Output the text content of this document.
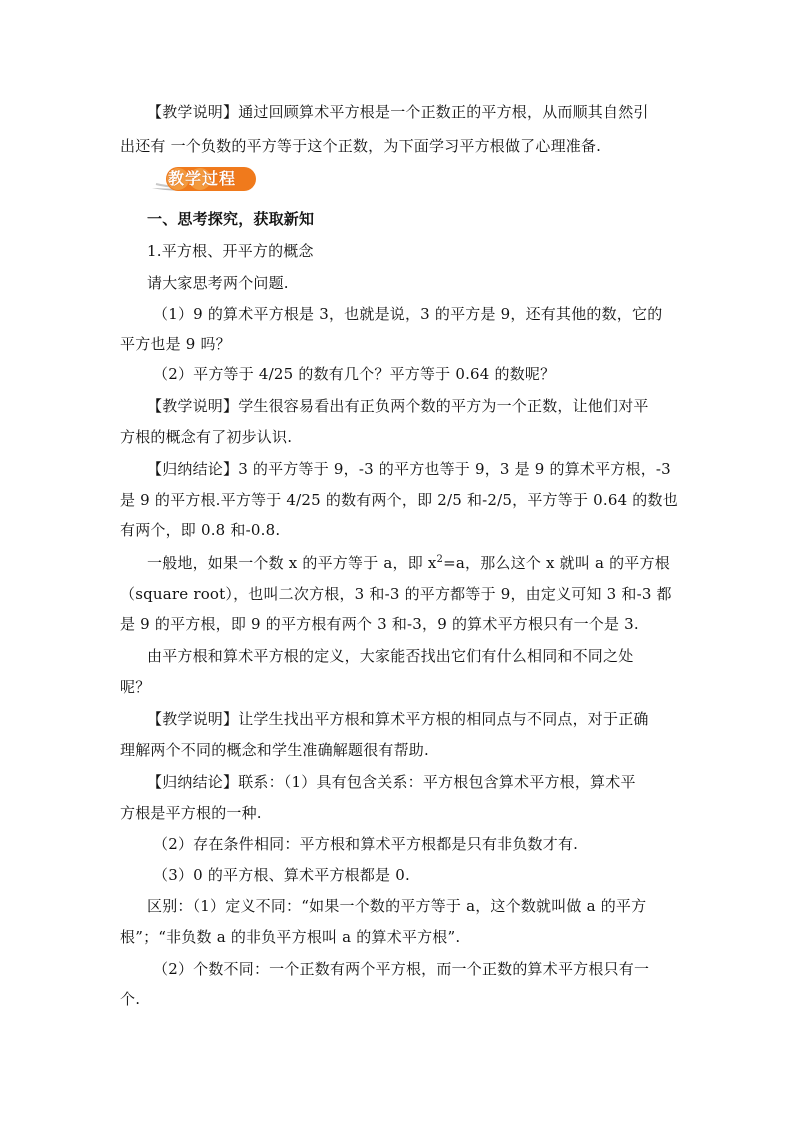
【教学说明】通过回顾算术平方根是一个正数正的平方根，从而顺其自然引
出还有 一个负数的平方等于这个正数，为下面学习平方根做了心理准备.
教学过程
一、思考探究，获取新知
1.平方根、开平方的概念
请大家思考两个问题.
（1）9 的算术平方根是 3，也就是说，3 的平方是 9，还有其他的数，它的
平方也是 9 吗？
（2）平方等于 4/25 的数有几个？平方等于 0.64 的数呢？
【教学说明】学生很容易看出有正负两个数的平方为一个正数，让他们对平
方根的概念有了初步认识.
【归纳结论】3 的平方等于 9，-3 的平方也等于 9，3 是 9 的算术平方根，-3
是 9 的平方根.平方等于 4/25 的数有两个，即 2/5 和-2/5，平方等于 0.64 的数也
有两个，即 0.8 和-0.8.
一般地，如果一个数 x 的平方等于 a，即 $x^2=a$，那么这个 x 就叫 a 的平方根
（square root），也叫二次方根，3 和-3 的平方都等于 9，由定义可知 3 和-3 都
是 9 的平方根，即 9 的平方根有两个 3 和-3，9 的算术平方根只有一个是 3.
由平方根和算术平方根的定义，大家能否找出它们有什么相同和不同之处
呢？
【教学说明】让学生找出平方根和算术平方根的相同点与不同点，对于正确
理解两个不同的概念和学生准确解题很有帮助.
【归纳结论】联系：（1）具有包含关系：平方根包含算术平方根，算术平
方根是平方根的一种.
（2）存在条件相同：平方根和算术平方根都是只有非负数才有.
（3）0 的平方根、算术平方根都是 0.
区别：（1）定义不同：“如果一个数的平方等于 a，这个数就叫做 a 的平方
根”；“非负数 a 的非负平方根叫 a 的算术平方根”.
（2）个数不同：一个正数有两个平方根，而一个正数的算术平方根只有一
个.
